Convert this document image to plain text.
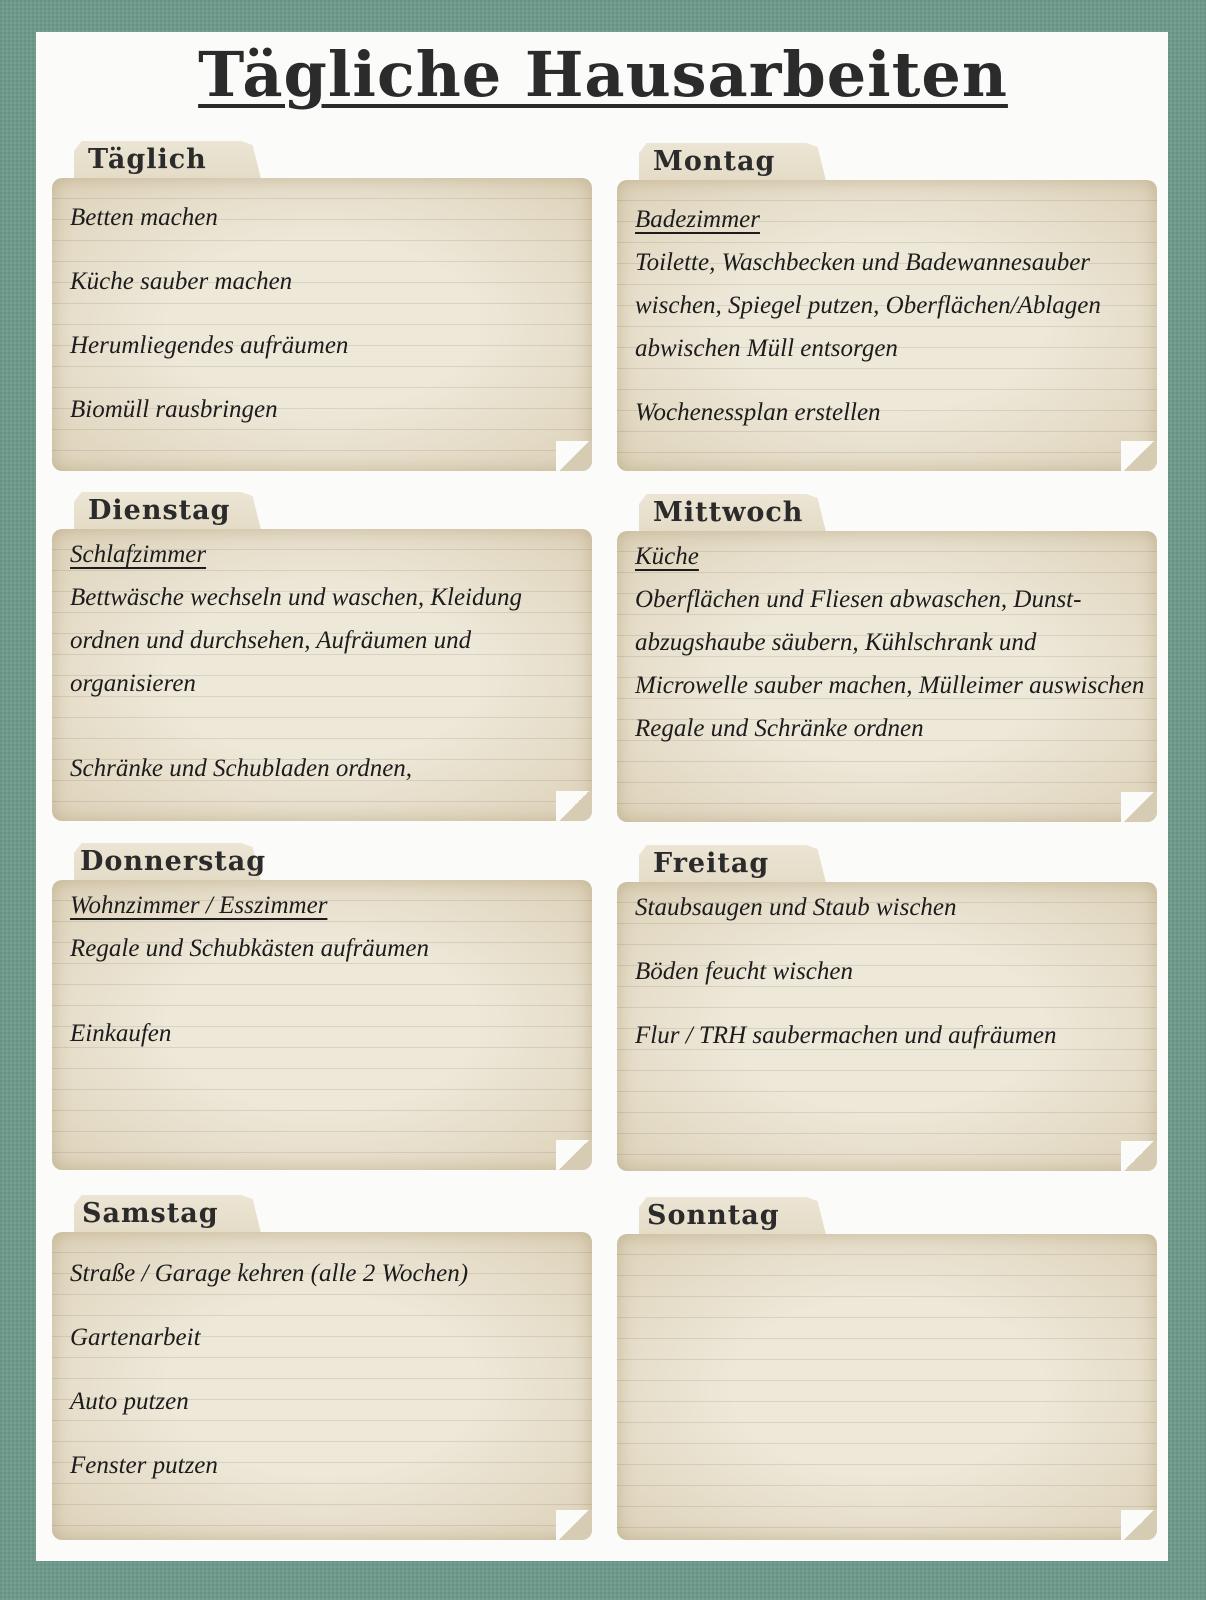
Tägliche Hausarbeiten
Täglich
Betten machen
Küche sauber machen
Herumliegendes aufräumen
Biomüll rausbringen
Montag
Badezimmer
Toilette, Waschbecken und Badewannesauber wischen, Spiegel putzen, Oberflächen/Ablagen abwischen Müll entsorgen
Wochenessplan erstellen
Dienstag
Schlafzimmer
Bettwäsche wechseln und waschen, Kleidung ordnen und durchsehen, Aufräumen und organisieren
Schränke und Schubladen ordnen,
Mittwoch
Küche
Oberflächen und Fliesen abwaschen, Dunst-abzugshaube säubern, Kühlschrank und Microwelle sauber machen, Mülleimer auswischen
Regale und Schränke ordnen
Donnerstag
Wohnzimmer / Esszimmer
Regale und Schubkästen aufräumen
Einkaufen
Freitag
Staubsaugen und Staub wischen
Böden feucht wischen
Flur / TRH saubermachen und aufräumen
Samstag
Straße / Garage kehren (alle 2 Wochen)
Gartenarbeit
Auto putzen
Fenster putzen
Sonntag
